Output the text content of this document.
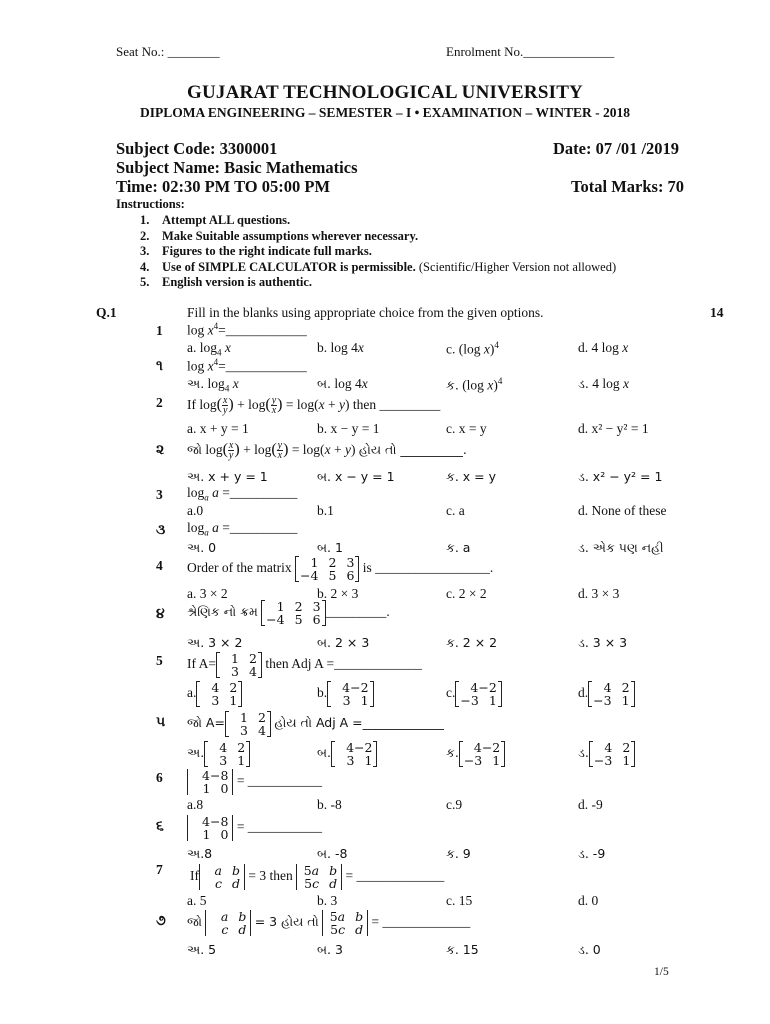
Seat No.: ________	Enrolment No.______________
GUJARAT TECHNOLOGICAL UNIVERSITY
DIPLOMA ENGINEERING – SEMESTER – I • EXAMINATION – WINTER - 2018
Subject Code: 3300001	Date: 07 /01 /2019
Subject Name: Basic Mathematics
Time: 02:30 PM TO 05:00 PM	Total Marks: 70
Instructions:
1. Attempt ALL questions.
2. Make Suitable assumptions wherever necessary.
3. Figures to the right indicate full marks.
4. Use of SIMPLE CALCULATOR is permissible. (Scientific/Higher Version not allowed)
5. English version is authentic.
Q.1	Fill in the blanks using appropriate choice from the given options.	14
1 $\log x^4=\_\_\_\_\_\_\_\_\_\_\_\_$
a. $\log_4 x$	b. log 4x	c. (log x)$^4$	d. 4 log x
૧ $\log x^4=\_\_\_\_\_\_\_\_\_\_\_\_$
અ. $\log_4 x$	બ. log 4x	ક. (log x)$^4$	ડ. 4 log x
2 If $\log( \frac{x}{y}$ ) + $\log( \frac{y}{x}$ ) = log(x + y) then _________
a. x + y = 1	b. x − y = 1	c. x = y	d. x² − y² = 1
૨ જો $\log( \frac{x}{y}$ ) + $\log( \frac{y}{x}$ ) = log(x + y) હોય તો __________.
અ. x + y = 1	બ. x − y = 1	ક. x = y	ડ. x² − y² = 1
3 $\log_a a$ =__________
a.0	b.1	c. a	d. None of these
૩ $\log_a a$ =__________
અ. 0	બ. 1	ક. a	ડ. એક પણ નહી
4 Order of the matrix	1 2 3
−4 5 6
is _________________.
a. 3 × 2	b. 2 × 3	c. 2 × 2	d. 3 × 3
૪ શ્રેણિક નો ક્રમ	1 2 3
−4 5 6
_________.
અ. 3 × 2	બ. 2 × 3	ક. 2 × 2	ડ. 3 × 3
5 If A=	1 2
3 4
then Adj A =_____________
a.	4 2
3 1
b.	4−2
3 1
c.	4−2
−3 1
d.	4 2
−3 1
૫ જો A=	1 2
3 4
હોય તો Adj A =_____________
અ.	4 2
3 1
બ.	4−2
3 1
ક.	4−2
−3 1
ડ.	4 2
−3 1
6	4−8
1 0
= ___________
a.8	b. -8	c.9	d. -9
૬	4−8
1 0
= ___________
અ.8	બ. -8	ક. 9	ડ. -9
7 If	a b
c d
= 3 then 5a b
5c d
= _____________
a. 5	b. 3	c. 15	d. 0
૭ જો	a b
c d
= 3 હોય તો 5a b
5c d
= _____________
અ. 5	બ. 3	ક. 15	ડ. 0
1/5
